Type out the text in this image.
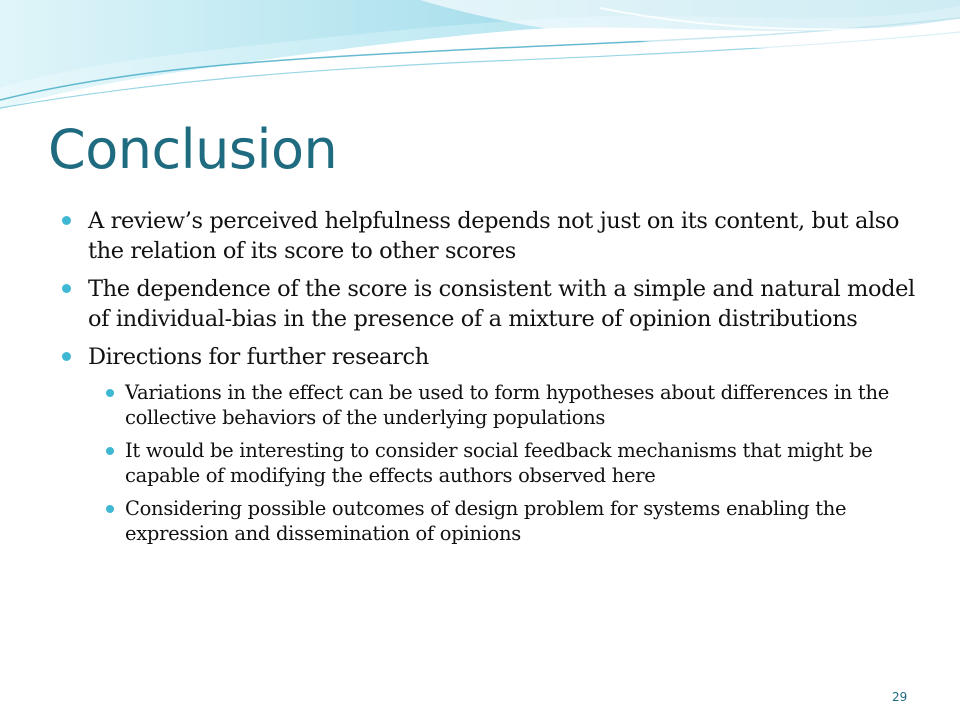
Conclusion
A review’s perceived helpfulness depends not just on its content, but also the relation of its score to other scores
The dependence of the score is consistent with a simple and natural model of individual-bias in the presence of a mixture of opinion distributions
Directions for further research
Variations in the effect can be used to form hypotheses about differences in the collective behaviors of the underlying populations
It would be interesting to consider social feedback mechanisms that might be capable of modifying the effects authors observed here
Considering possible outcomes of design problem for systems enabling the expression and dissemination of opinions
29
